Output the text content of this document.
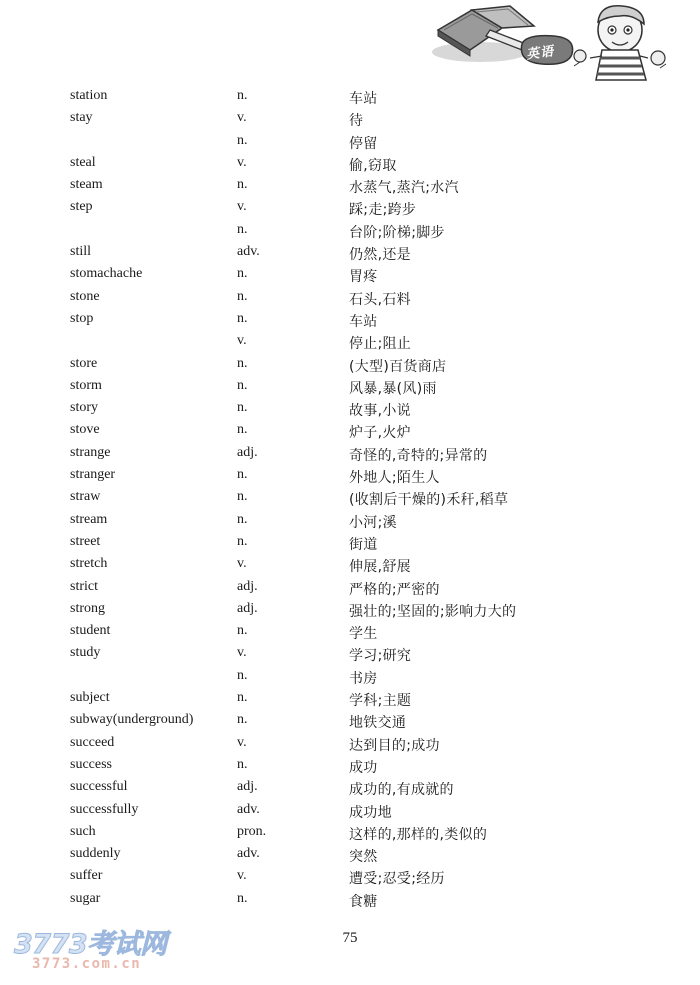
英语
station	n.	车站
stay	v.	待
n.	停留
steal	v.	偷,窃取
steam	n.	水蒸气,蒸汽;水汽
step	v.	踩;走;跨步
n.	台阶;阶梯;脚步
still	adv.	仍然,还是
stomachache	n.	胃疼
stone	n.	石头,石料
stop	n.	车站
v.	停止;阻止
store	n.	(大型)百货商店
storm	n.	风暴,暴(风)雨
story	n.	故事,小说
stove	n.	炉子,火炉
strange	adj.	奇怪的,奇特的;异常的
stranger	n.	外地人;陌生人
straw	n.	(收割后干燥的)禾秆,稻草
stream	n.	小河;溪
street	n.	街道
stretch	v.	伸展,舒展
strict	adj.	严格的;严密的
strong	adj.	强壮的;坚固的;影响力大的
student	n.	学生
study	v.	学习;研究
n.	书房
subject	n.	学科;主题
subway(underground)	n.	地铁交通
succeed	v.	达到目的;成功
success	n.	成功
successful	adj.	成功的,有成就的
successfully	adv.	成功地
such	pron.	这样的,那样的,类似的
suddenly	adv.	突然
suffer	v.	遭受;忍受;经历
sugar	n.	食糖
75
3773考试网
3773.com.cn
